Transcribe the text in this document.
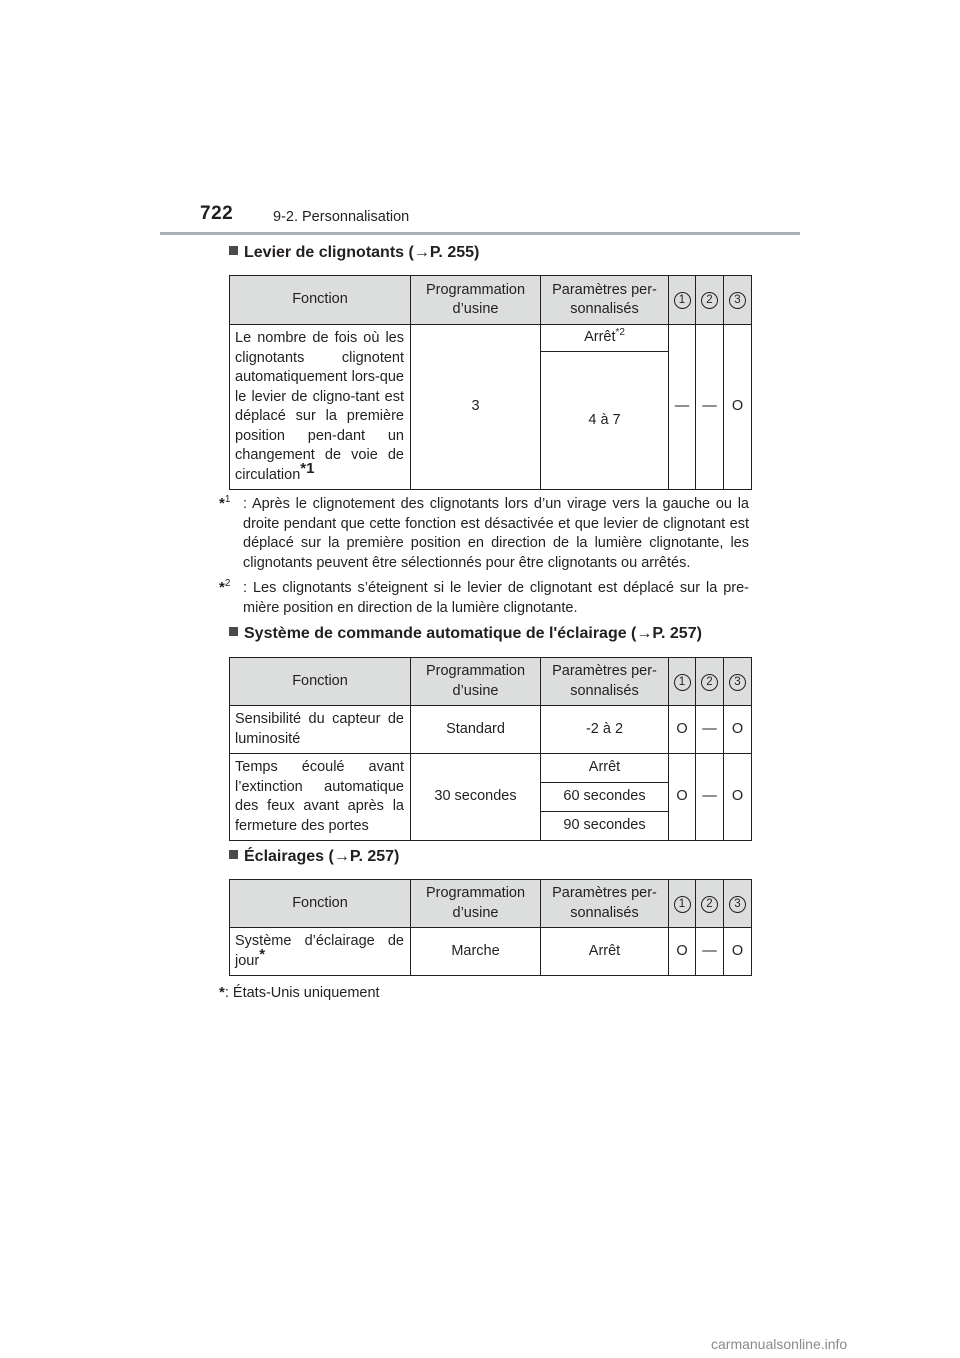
722	9-2. Personnalisation
Levier de clignotants (→P. 255)
Fonction	Programmation d’usine	Paramètres per-sonnalisés	1	2	3
Le nombre de fois où les clignotants clignotent automatiquement lors-que le levier de cligno-tant est déplacé sur la première position pen-dant un changement de voie de circulation$^{*1}$	3	Arrêt$^{*2}$	—	—	O
		4 à 7			
*$^1$ : Après le clignotement des clignotants lors d’un virage vers la gauche ou la droite pendant que cette fonction est désactivée et que levier de clignotant est déplacé sur la première position en direction de la lumière clignotante, les clignotants peuvent être sélectionnés pour être clignotants ou arrêtés.
*$^2$ : Les clignotants s’éteignent si le levier de clignotant est déplacé sur la pre-mière position en direction de la lumière clignotante.
Système de commande automatique de l'éclairage (→P. 257)
Fonction	Programmation d’usine	Paramètres per-sonnalisés	1	2	3
Sensibilité du capteur de luminosité	Standard	-2 à 2	O	—	O
Temps écoulé avant l’extinction automatique des feux avant après la fermeture des portes	30 secondes	Arrêt	O	—	O
		60 secondes			
		90 secondes			
Éclairages (→P. 257)
Fonction	Programmation d’usine	Paramètres per-sonnalisés	1	2	3
Système d’éclairage de jour*	Marche	Arrêt	O	—	O
*: États-Unis uniquement
carmanualsonline.info
